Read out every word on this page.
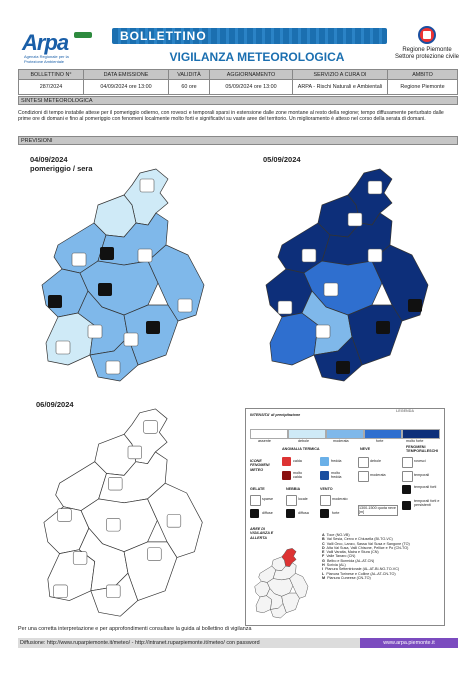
Arpa
Agenzia Regionale per la Protezione Ambientale
BOLLETTINO
VIGILANZA METEOROLOGICA	Regione Piemonte
Settore protezione civile
BOLLETTINO N°	DATA EMISSIONE	VALIDITÀ	AGGIORNAMENTO	SERVIZIO A CURA DI	AMBITO
287/2024	04/09/2024 ore 13:00	60 ore	05/09/2024 ore 13:00	ARPA - Rischi Naturali e Ambientali	Regione Piemonte
SINTESI METEOROLOGICA
Condizioni di tempo instabile attese per il pomeriggio odierno, con rovesci e temporali sparsi in estensione dalle zone montane al resto della regione; tempo diffusamente perturbato dalle prime ore di domani e fino al pomeriggio con fenomeni localmente molto forti e significativi su vaste aree del territorio. Un miglioramento è atteso nel corso della serata di domani.
PREVISIONI
04/09/2024
pomeriggio / sera
05/09/2024
06/09/2024
LEGENDA
INTENSITA' di precipitazione
assente	debole	moderata	forte	molto forte
ANOMALIA TERMICA	NEVE	FENOMENI TEMPORALESCHI
ICONE FENOMENI METEO
calda
molto calda
fredda
molto fredda
debole
moderata
1300-1500 quota neve [m]
rovesci
temporali
temporali forti
temporali forti e persistenti
GELATE	NEBBIA	VENTO
sparse
diffuse
locale
diffusa
moderato
forte
AREE DI VIGILANZA E ALLERTA
A Toce (NO-VB)
B Val Sesia, Cervo e Chiusella (BI-TO-VC)
C Valli Orco, Lanzo, Sassa Val Susa e Sangone (TO)
D Alta Val Susa, Valli Chisone, Pellice e Po (CN-TO)
E Valli Varaita, Maira e Stura (CN)
F Valle Tanaro (CN)
G Belbo e Bormida (AL-AT-CN)
H Scrivia (AL)
I Pianura Settentrionale (AL-AT-BI-NO-TO-VC)
L Pianura Torinese e Colline (AL-AT-CN-TO)
M Pianura Cuneese (CN-TO)
Per una corretta interpretazione e per approfondimenti consultare la guida al bollettino di vigilanza
Diffusione: http://www.ruparpiemonte.it/meteo/ - http://intranet.ruparpiemonte.it/meteo/ con password	www.arpa.piemonte.it
